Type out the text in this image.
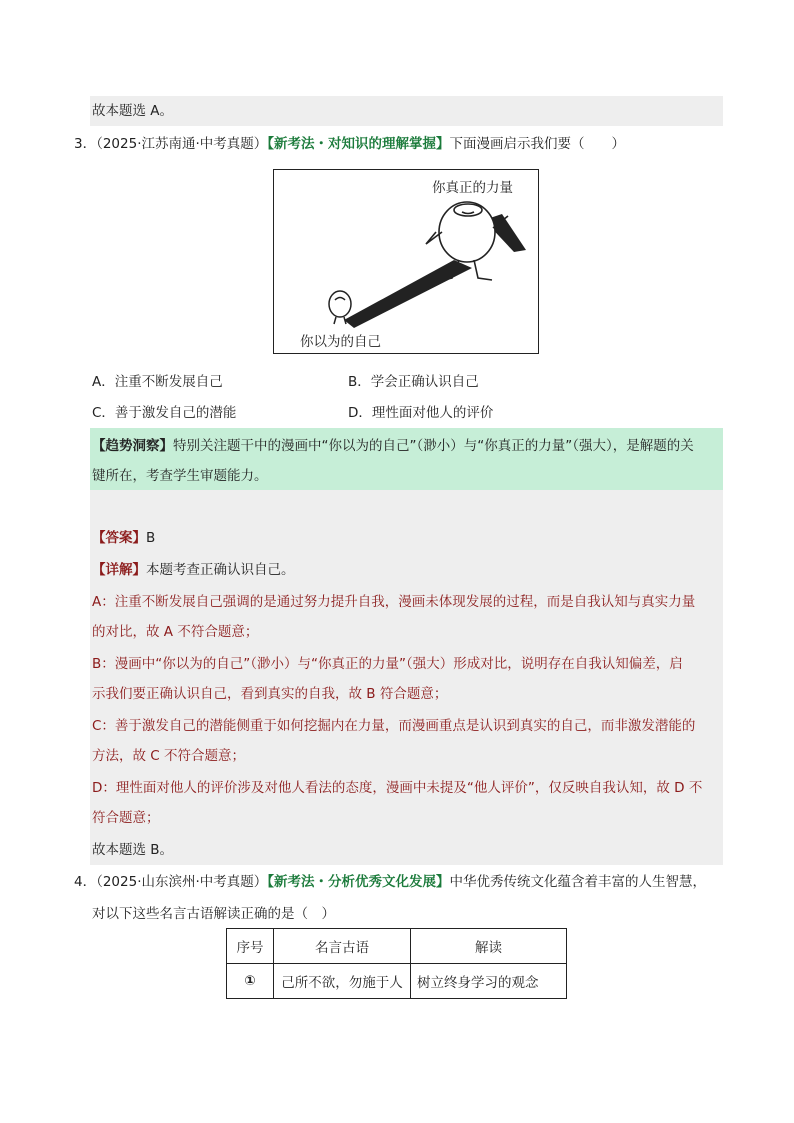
故本题选 A。
3．（2025·江苏南通·中考真题）【新考法・对知识的理解掌握】下面漫画启示我们要（　　）
你真正的力量
你以为的自己
A．注重不断发展自己	B．学会正确认识自己
C．善于激发自己的潜能	D．理性面对他人的评价
【趋势洞察】特别关注题干中的漫画中“你以为的自己”（渺小）与“你真正的力量”（强大），是解题的关
键所在，考查学生审题能力。
【答案】B
【详解】本题考查正确认识自己。
A：注重不断发展自己强调的是通过努力提升自我，漫画未体现发展的过程，而是自我认知与真实力量
的对比，故 A 不符合题意；
B：漫画中“你以为的自己”（渺小）与“你真正的力量”（强大）形成对比，说明存在自我认知偏差，启
示我们要正确认识自己，看到真实的自我，故 B 符合题意；
C：善于激发自己的潜能侧重于如何挖掘内在力量，而漫画重点是认识到真实的自己，而非激发潜能的
方法，故 C 不符合题意；
D：理性面对他人的评价涉及对他人看法的态度，漫画中未提及“他人评价”，仅反映自我认知，故 D 不
符合题意；
故本题选 B。
4．（2025·山东滨州·中考真题）【新考法・分析优秀文化发展】中华优秀传统文化蕴含着丰富的人生智慧，
对以下这些名言古语解读正确的是（　）
序号	名言古语	解读
①	己所不欲，勿施于人	树立终身学习的观念
